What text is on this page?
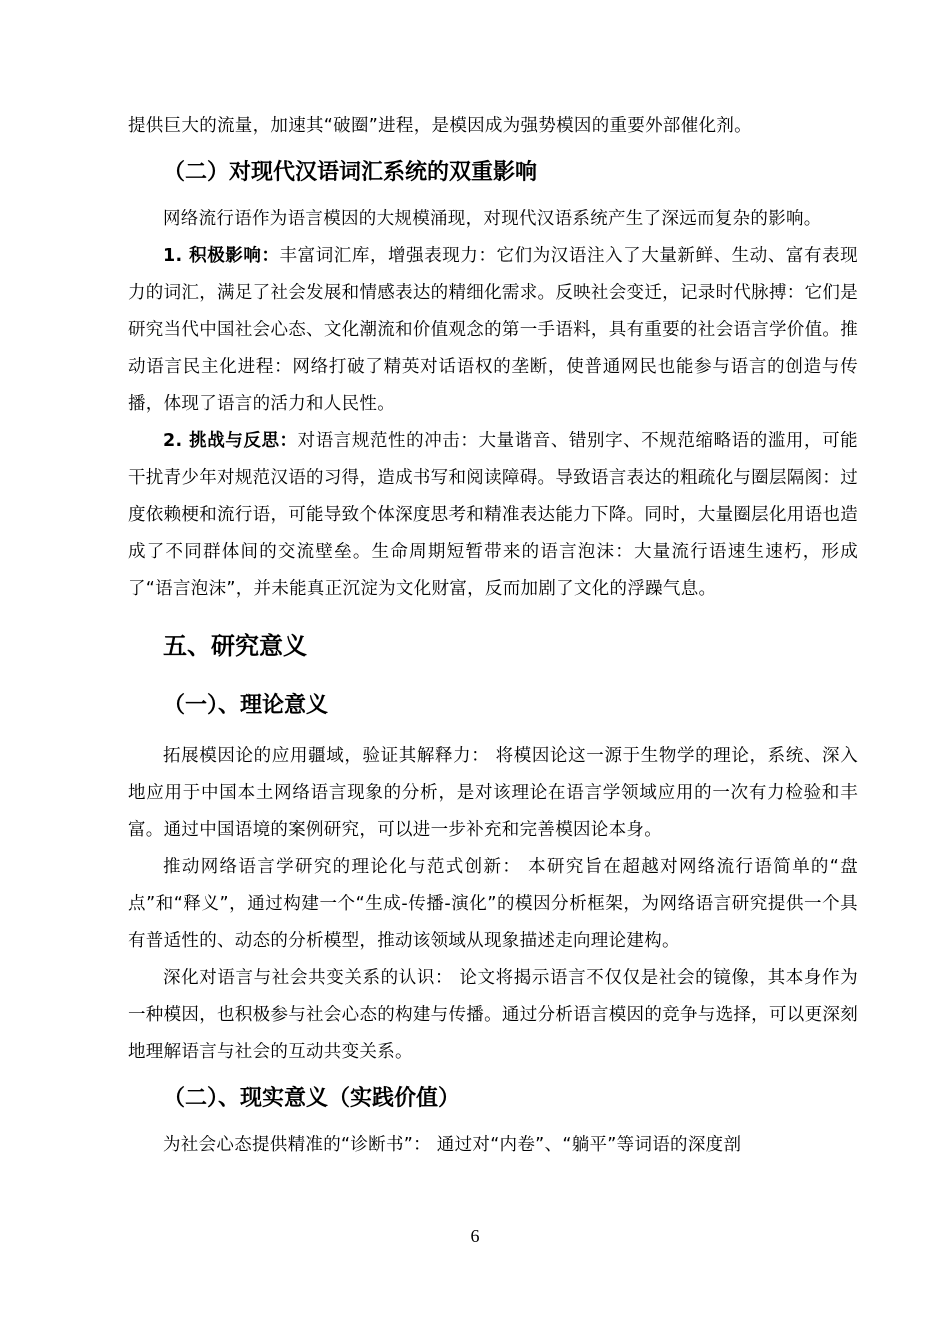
提供巨大的流量，加速其“破圈”进程，是模因成为强势模因的重要外部催化剂。

（二）对现代汉语词汇系统的双重影响

网络流行语作为语言模因的大规模涌现，对现代汉语系统产生了深远而复杂的影响。

1. 积极影响：丰富词汇库，增强表现力：它们为汉语注入了大量新鲜、生动、富有表现力的词汇，满足了社会发展和情感表达的精细化需求。反映社会变迁，记录时代脉搏：它们是研究当代中国社会心态、文化潮流和价值观念的第一手语料，具有重要的社会语言学价值。推动语言民主化进程：网络打破了精英对话语权的垄断，使普通网民也能参与语言的创造与传播，体现了语言的活力和人民性。

2. 挑战与反思：对语言规范性的冲击：大量谐音、错别字、不规范缩略语的滥用，可能干扰青少年对规范汉语的习得，造成书写和阅读障碍。导致语言表达的粗疏化与圈层隔阂：过度依赖梗和流行语，可能导致个体深度思考和精准表达能力下降。同时，大量圈层化用语也造成了不同群体间的交流壁垒。生命周期短暂带来的语言泡沫：大量流行语速生速朽，形成了“语言泡沫”，并未能真正沉淀为文化财富，反而加剧了文化的浮躁气息。

五、研究意义
（一）、理论意义

拓展模因论的应用疆域，验证其解释力： 将模因论这一源于生物学的理论，系统、深入地应用于中国本土网络语言现象的分析，是对该理论在语言学领域应用的一次有力检验和丰富。通过中国语境的案例研究，可以进一步补充和完善模因论本身。

推动网络语言学研究的理论化与范式创新： 本研究旨在超越对网络流行语简单的“盘点”和“释义”，通过构建一个“生成-传播-演化”的模因分析框架，为网络语言研究提供一个具有普适性的、动态的分析模型，推动该领域从现象描述走向理论建构。

深化对语言与社会共变关系的认识： 论文将揭示语言不仅仅是社会的镜像，其本身作为一种模因，也积极参与社会心态的构建与传播。通过分析语言模因的竞争与选择，可以更深刻地理解语言与社会的互动共变关系。

（二）、现实意义（实践价值）

为社会心态提供精准的“诊断书”： 通过对“内卷”、“躺平”等词语的深度剖

6
